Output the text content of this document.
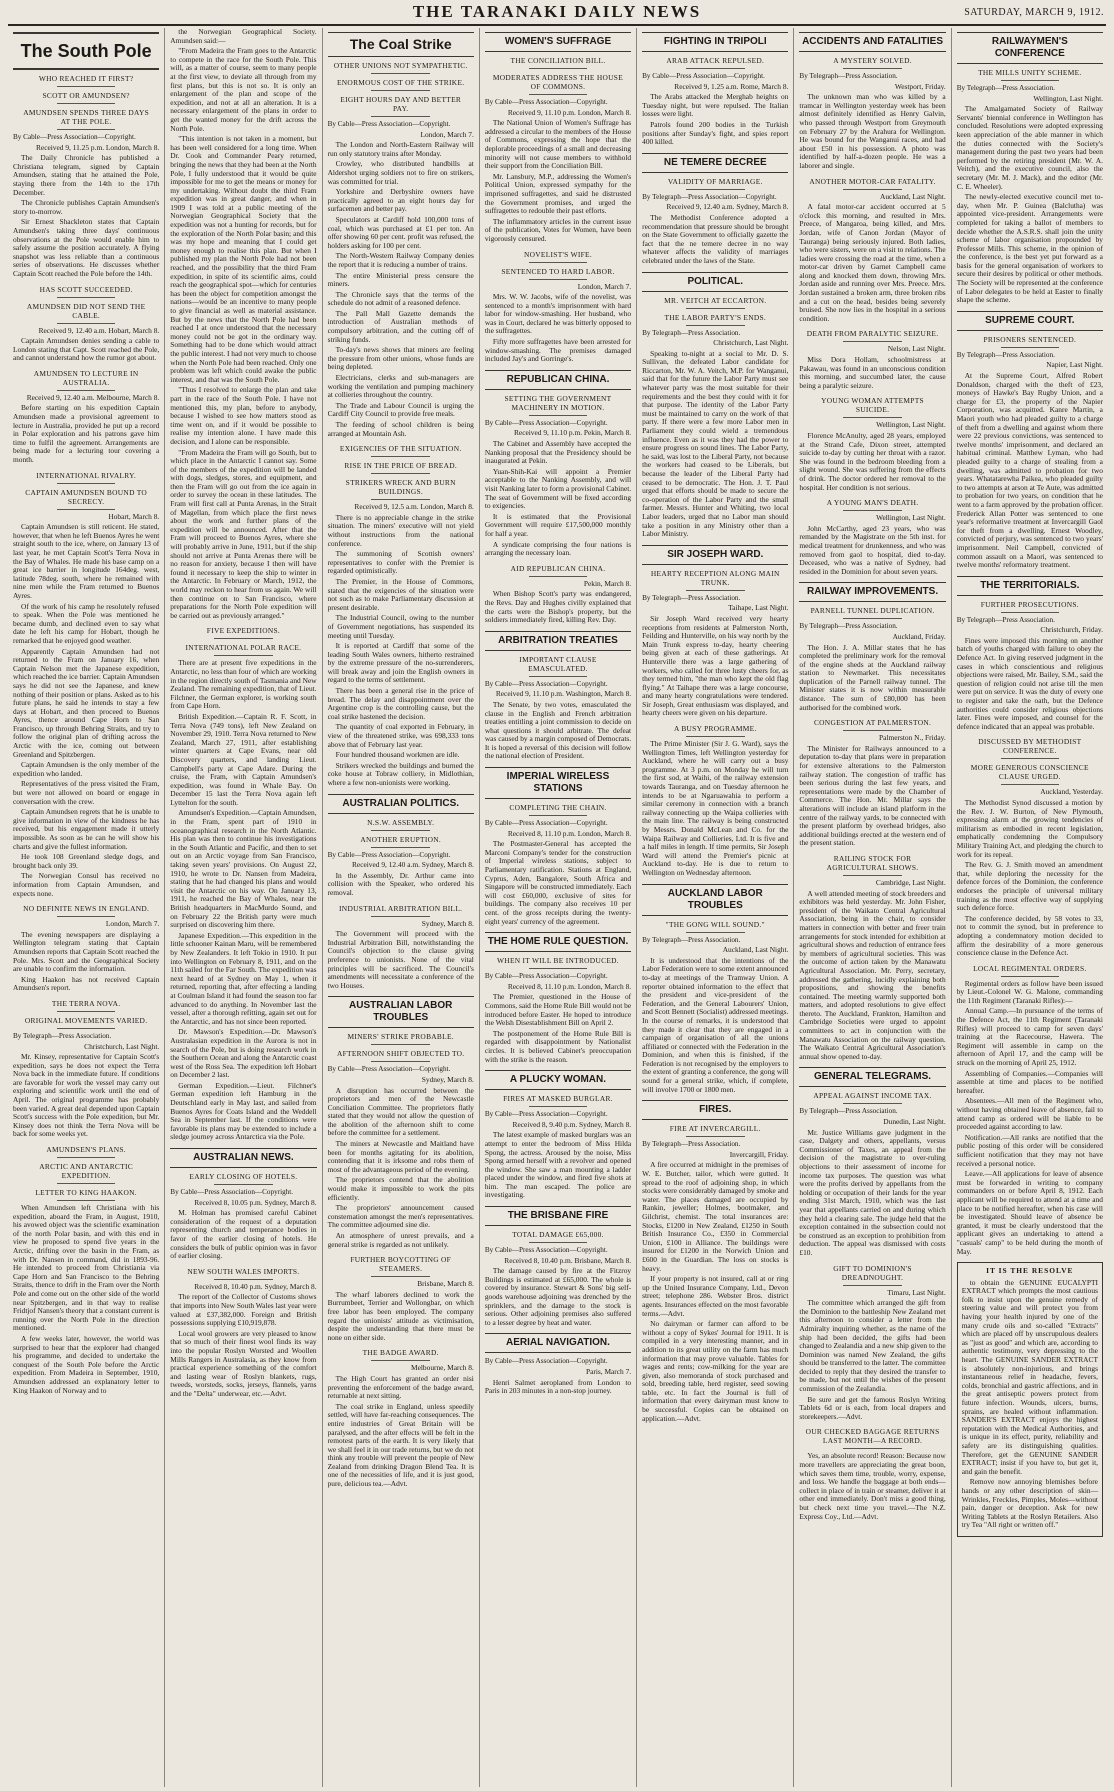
THE TARANAKI DAILY NEWS	SATURDAY, MARCH 9, 1912.
The South Pole
WHO REACHED IT FIRST?
SCOTT OR AMUNDSEN?
AMUNDSEN SPENDS THREE DAYS AT THE POLE.
By Cable—Press Association—Copyright.
Received 9, 11.25 p.m. London, March 8.

The Daily Chronicle has published a Christiana telegram, signed by Captain Amundsen, stating that he attained the Pole, staying there from the 14th to the 17th December.

The Chronicle publishes Captain Amundsen's story to-morrow.

Sir Ernest Shackleton states that Captain Amundsen's taking three days' continuous observations at the Pole would enable him to safely assume the position accurately. A flying snapshot was less reliable than a continuous series of observations. He discusses whether Captain Scott reached the Pole before the 14th.

HAS SCOTT SUCCEEDED.
AMUNDSEN DID NOT SEND THE CABLE.
Received 9, 12.40 a.m. Hobart, March 8.

Captain Amundsen denies sending a cable to London stating that Capt. Scott reached the Pole, and cannot understand how the rumor got about.

AMUNDSEN TO LECTURE IN AUSTRALIA.
Received 9, 12.40 a.m. Melbourne, March 8.

Before starting on his expedition Captain Amundsen made a provisional agreement to lecture in Australia, provided he put up a record in Polar exploration and his patrons gave him time to fulfil the agreement. Arrangements are being made for a lecturing tour covering a month.

INTERNATIONAL RIVALRY.
CAPTAIN AMUNDSEN BOUND TO SECRECY.
Hobart, March 8.

Captain Amundsen is still reticent. He stated, however, that when he left Buenos Ayres he went straight south to the ice, where, on January 13 of last year, he met Captain Scott's Terra Nova in the Bay of Whales. He made his base camp on a great ice barrier in longitude 164deg. west, latitude 78deg. south, where he remained with nine men while the Fram returned to Buenos Ayres.

Of the work of his camp he resolutely refused to speak. When the Pole was mentioned he became dumb, and declined even to say what date he left his camp for Hobart, though he remarked that he enjoyed good weather.

Apparently Captain Amundsen had not returned to the Fram on January 16, when Captain Nelson met the Japanese expedition, which reached the ice barrier. Captain Amundsen says he did not see the Japanese, and knew nothing of their position or plans. Asked as to his future plans, he said he intends to stay a few days at Hobart, and then proceed to Buenos Ayres, thence around Cape Horn to San Francisco, up through Behring Straits, and try to follow the original plan of drifting across the Arctic with the ice, coming out between Greenland and Spitzbergen.

Captain Amundsen is the only member of the expedition who landed.

Representatives of the press visited the Fram, but were not allowed on board or engage in conversation with the crew.

Captain Amundsen regrets that he is unable to give information in view of the kindness he has received, but his engagement made it utterly impossible. As soon as he can he will show his charts and give the fullest information.

He took 108 Greenland sledge dogs, and brought back only 39.

The Norwegian Consul has received no information from Captain Amundsen, and expects none.

NO DEFINITE NEWS IN ENGLAND.
London, March 7.

The evening newspapers are displaying a Wellington telegram stating that Captain Amundsen reports that Captain Scott reached the Pole. Mrs. Scott and the Geographical Society are unable to confirm the information.

King Haakon has not received Captain Amundsen's report.

THE TERRA NOVA.
ORIGINAL MOVEMENTS VARIED.
By Telegraph—Press Association.
Christchurch, Last Night.

Mr. Kinsey, representative for Captain Scott's expedition, says he does not expect the Terra Nova back in the immediate future. If conditions are favorable for work the vessel may carry out exploring and scientific work until the end of April. The original programme has probably been varied. A great deal depended upon Captain Scott's success with the Pole expedition, but Mr. Kinsey does not think the Terra Nova will be back for some weeks yet.

AMUNDSEN'S PLANS.
ARCTIC AND ANTARCTIC EXPEDITION.
LETTER TO KING HAAKON.

When Amundsen left Christiana with his expedition, aboard the Fram, in August, 1910, his avowed object was the scientific examination of the north Polar basin, and with this end in view he proposed to spend five years in the Arctic, drifting over the basin in the Fram, as with Dr. Nansen in command, did in 1893-96. He intended to proceed from Christiania via Cape Horn and San Francisco to the Behring Straits, thence to drift in the Fram over the North Pole and come out on the other side of the world near Spitzbergen, and in that way to realise Fridtjof Nansen's theory that a constant current is running over the North Pole in the direction mentioned.

A few weeks later, however, the world was surprised to hear that the explorer had changed his programme, and decided to undertake the conquest of the South Pole before the Arctic expedition. From Madeira in September, 1910, Amundsen addressed an explanatory letter to King Haakon of Norway and to

the Norwegian Geographical Society. Amundsen said:—

"From Madeira the Fram goes to the Antarctic to compete in the race for the South Pole. This will, as a matter of course, seem to many people at the first view, to deviate all through from my first plans, but this is not so. It is only an enlargement of the plan and scope of the expedition, and not at all an alteration. It is a necessary enlargement of the plans in order to get the wanted money for the drift across the North Pole.

"This intention is not taken in a moment, but has been well considered for a long time. When Dr. Cook and Commander Peary returned, bringing the news that they had been at the North Pole, I fully understood that it would be quite impossible for me to get the means or money for my undertaking. Without doubt the third Fram expedition was in great danger, and when in 1909 I was told at a public meeting of the Norwegian Geographical Society that the expedition was not a hunting for records, but for the exploration of the North Polar basin; and this was my hope and meaning that I could get money enough to realise this plan. But when I published my plan the North Pole had not been reached, and the possibility that the third Fram expedition, in spite of its scientific aims, could reach the geographical spot—which for centuries has been the object for competition amongst the nations—would be an incentive to many people to give financial as well as material assistance. But by the news that the North Pole had been reached I at once understood that the necessary money could not be got in the ordinary way. Something had to be done which would attract the public interest. I had not very much to choose when the North Pole had been reached. Only one problem was left which could awake the public interest, and that was the South Pole.

"Thus I resolved to enlarge the plan and take part in the race of the South Pole. I have not mentioned this, my plan, before to anybody, because I wished to see how matters stood as time went on, and if it would be possible to realise my intention alone. I have made this decision, and I alone can be responsible.

"From Madeira the Fram will go South, but to which place in the Antarctic I cannot say. Some of the members of the expedition will be landed with dogs, sledges, stores, and equipment, and then the Fram will go out from the ice again in order to survey the ocean in these latitudes. The Fram will first call at Punta Arenas, in the Strait of Magellan, from which place the first news about the work and further plans of the expedition will be announced. After that the Fram will proceed to Buenos Ayres, where she will probably arrive in June, 1911, but if the ship should not arrive at Punta Arenas there will be no reason for anxiety, because I then will have found it necessary to keep the ship to winter in the Antarctic. In February or March, 1912, the world may reckon to hear from us again. We will then continue on to San Francisco, where preparations for the North Pole expedition will be carried out as previously arranged."

FIVE EXPEDITIONS.
INTERNATIONAL POLAR RACE.

There are at present five expeditions in the Antarctic, no less than four of which are working in the region directly south of Tasmania and New Zealand. The remaining expedition, that of Lieut. Filchner, the German explorer, is working south from Cape Horn.

British Expedition.—Captain R. F. Scott, in Terra Nova (749 tons), left New Zealand on November 29, 1910. Terra Nova returned to New Zealand, March 27, 1911, after establishing winter quarters at Cape Evans, near old Discovery quarters, and landing Lieut. Campbell's party at Cape Adare. During the cruise, the Fram, with Captain Amundsen's expedition, was found in Whale Bay. On December 15 last the Terra Nova again left Lyttelton for the south.

Amundsen's Expedition.—Captain Amundsen, in the Fram, spent part of 1910 in oceanographical research in the North Atlantic. His plan was then to continue his investigations in the South Atlantic and Pacific, and then to set out on an Arctic voyage from San Francisco, taking seven years' provisions. On August 22, 1910, he wrote to Dr. Nansen from Madeira, stating that he had changed his plans and would visit the Antarctic on his way. On January 13, 1911, he reached the Bay of Whales, near the British headquarters in MacMurdo Sound, and on February 22 the British party were much surprised on discovering him there.

Japanese Expedition.—This expedition in the little schooner Kainan Maru, will be remembered by New Zealanders. It left Tokio in 1910. It put into Wellington on February 8, 1911, and on the 11th sailed for the Far South. The expedition was next heard of at Sydney on May 1, when it returned, reporting that, after effecting a landing at Coulman Island it had found the season too far advanced to do anything. In November last the vessel, after a thorough refitting, again set out for the Antarctic, and has not since been reported.

Dr. Mawson's Expedition.—Dr. Mawson's Australasian expedition in the Aurora is not in search of the Pole, but is doing research work in the Southern Ocean and along the Antarctic coast west of the Ross Sea. The expedition left Hobart on December 2 last.

German Expedition.—Lieut. Filchner's German expedition left Hamburg in the Deutschland early in May last, and sailed from Buenos Ayres for Coats Island and the Weddell Sea in September last. If the conditions were favorable its plans may be extended to include a sledge journey across Antarctica via the Pole.

AUSTRALIAN NEWS.
EARLY CLOSING OF HOTELS.
By Cable—Press Association—Copyright.
Received 8, 10.05 p.m. Sydney, March 8.

M. Holman has promised careful Cabinet consideration of the request of a deputation representing church and temperance bodies in favor of the earlier closing of hotels. He considers the bulk of public opinion was in favor of earlier closing.

NEW SOUTH WALES IMPORTS.
Received 8, 10.40 p.m. Sydney, March 8.

The report of the Collector of Customs shows that imports into New South Wales last year were valued at £37,382,000. Foreign and British possessions supplying £10,919,878.

Local wool growers are very pleased to know that so much of their finest wool finds its way into the popular Roslyn Worsted and Woollen Mills Rangers in Australasia, as they know from practical experience something of the comfort and lasting wear of Roslyn blankets, rugs, tweeds, worsteds, socks, jerseys, flannels, yarns and the "Delta" underwear, etc.—Advt.

The Coal Strike
OTHER UNIONS NOT SYMPATHETIC.
ENORMOUS COST OF THE STRIKE.
EIGHT HOURS DAY AND BETTER PAY.
By Cable—Press Association—Copyright.
London, March 7.

The London and North-Eastern Railway will run only statutory trains after Monday.

Crowley, who distributed handbills at Aldershot urging soldiers not to fire on strikers, was committed for trial.

Yorkshire and Derbyshire owners have practically agreed to an eight hours day for surfacemen and better pay.

Speculators at Cardiff hold 100,000 tons of coal, which was purchased at £1 per ton. An offer showing 60 per cent. profit was refused, the holders asking for 100 per cent.

The North-Western Railway Company denies the report that it is reducing a number of trains.

The entire Ministerial press censure the miners.

The Chronicle says that the terms of the schedule do not admit of a reasoned defence.

The Pall Mall Gazette demands the introduction of Australian methods of compulsory arbitration, and the cutting off of striking funds.

To-day's news shows that miners are feeling the pressure from other unions, whose funds are being depleted.

Electricians, clerks and sub-managers are working the ventilation and pumping machinery at collieries throughout the country.

The Trade and Labour Council is urging the Cardiff City Council to provide free meals.

The feeding of school children is being arranged at Mountain Ash.

EXIGENCIES OF THE SITUATION.
RISE IN THE PRICE OF BREAD.
STRIKERS WRECK AND BURN BUILDINGS.
Received 9, 12.5 a.m. London, March 8.

There is no appreciable change in the strike situation. The miners' executive will not yield without instructions from the national conference.

The summoning of Scottish owners' representatives to confer with the Premier is regarded optimistically.

The Premier, in the House of Commons, stated that the exigencies of the situation were not such as to make Parliamentary discussion at present desirable.

The Industrial Council, owing to the number of Government negotiations, has suspended its meeting until Tuesday.

It is reported at Cardiff that some of the leading South Wales owners, hitherto restrained by the extreme pressure of the no-surrenderers, will break away and join the English owners in regard to the terms of settlement.

There has been a general rise in the price of bread. The delay and disappointment over the Argentine crop is the controlling cause, but the coal strike hastened the decision.

The quantity of coal exported in February, in view of the threatened strike, was 698,333 tons above that of February last year.

Four hundred thousand workmen are idle.

Strikers wrecked the buildings and burned the coke house at Tobraw colliery, in Midlothian, where a few non-unionists were working.

AUSTRALIAN POLITICS.
N.S.W. ASSEMBLY.
ANOTHER ERUPTION.
By Cable—Press Association—Copyright.
Received 9, 12.40 a.m. Sydney, March 8.

In the Assembly, Dr. Arthur came into collision with the Speaker, who ordered his removal.

INDUSTRIAL ARBITRATION BILL.
Sydney, March 8.

The Government will proceed with the Industrial Arbitration Bill, notwithstanding the Council's objection to the clause giving preference to unionists. None of the vital principles will be sacrificed. The Council's amendments will necessitate a conference of the two Houses.

AUSTRALIAN LABOR TROUBLES
MINERS' STRIKE PROBABLE.
AFTERNOON SHIFT OBJECTED TO.
By Cable—Press Association—Copyright.
Sydney, March 8.

A disruption has occurred between the proprietors and men of the Newcastle Conciliation Committee. The proprietors flatly stated that they would not allow the question of the abolition of the afternoon shift to come before the committee for a settlement.

The miners at Newcastle and Maitland have been for months agitating for its abolition, contending that it is irksome and robs them of most of the advantageous period of the evening.

The proprietors contend that the abolition would make it impossible to work the pits efficiently.

The proprietors' announcement caused consternation amongst the men's representatives. The committee adjourned sine die.

An atmosphere of unrest prevails, and a general strike is regarded as not unlikely.

FURTHER BOYCOTTING OF STEAMERS.
Brisbane, March 8.

The wharf laborers declined to work the Burrumbeet, Terrier and Wollongbar, on which free labor has been employed. The company regard the unionists' attitude as victimisation, despite the understanding that there must be none on either side.

THE BADGE AWARD.
Melbourne, March 8.

The High Court has granted an order nisi preventing the enforcement of the badge award, returnable at next sitting.

The coal strike in England, unless speedily settled, will have far-reaching consequences. The entire industries of Great Britain will be paralysed, and the after effects will be felt in the remotest parts of the earth. It is very likely that we shall feel it in our trade returns, but we do not think any trouble will prevent the people of New Zealand from drinking Dragon Blend Tea. It is one of the necessities of life, and it is just good, pure, delicious tea.—Advt.

WOMEN'S SUFFRAGE
THE CONCILIATION BILL.
MODERATES ADDRESS THE HOUSE OF COMMONS.
By Cable—Press Association—Copyright.
Received 9, 11.10 p.m. London, March 8.

The National Union of Women's Suffrage has addressed a circular to the members of the House of Commons, expressing the hope that the deplorable proceedings of a small and decreasing minority will not cause members to withhold their support from the Conciliation Bill.

Mr. Lansbury, M.P., addressing the Women's Political Union, expressed sympathy for the imprisoned suffragettes, and said he distrusted the Government promises, and urged the suffragettes to redouble their past efforts.

The inflammatory articles in the current issue of the publication, Votes for Women, have been vigorously censured.

NOVELIST'S WIFE.
SENTENCED TO HARD LABOR.
London, March 7.

Mrs. W. W. Jacobs, wife of the novelist, was sentenced to a month's imprisonment with hard labor for window-smashing. Her husband, who was in Court, declared he was bitterly opposed to the suffragettes.

Fifty more suffragettes have been arrested for window-smashing. The premises damaged included Jay's and Gorringe's.

REPUBLICAN CHINA.
SETTING THE GOVERNMENT MACHINERY IN MOTION.
By Cable—Press Association—Copyright.
Received 9, 11.10 p.m. Pekin, March 8.

The Cabinet and Assembly have accepted the Nanking proposal that the Presidency should be inaugurated at Pekin.

Yuan-Shih-Kai will appoint a Premier acceptable to the Nanking Assembly, and will visit Nanking later to form a provisional Cabinet. The seat of Government will be fixed according to exigencies.

It is estimated that the Provisional Government will require £17,500,000 monthly for half a year.

A syndicate comprising the four nations is arranging the necessary loan.

AID REPUBLICAN CHINA.
Pekin, March 8.

When Bishop Scott's party was endangered, the Revs. Day and Hughes civilly explained that the carts were the Bishop's property, but the soldiers immediately fired, killing Rev. Day.

ARBITRATION TREATIES
IMPORTANT CLAUSE EMASCULATED.
By Cable—Press Association—Copyright.
Received 9, 11.10 p.m. Washington, March 8.

The Senate, by two votes, emasculated the clause in the English and French arbitration treaties entitling a joint commission to decide on what questions it should arbitrate. The defeat was caused by a margin composed of Democrats. It is hoped a reversal of this decision will follow the national election of President.

IMPERIAL WIRELESS STATIONS
COMPLETING THE CHAIN.
By Cable—Press Association—Copyright.
Received 8, 11.10 p.m. London, March 8.

The Postmaster-General has accepted the Marconi Company's tender for the construction of Imperial wireless stations, subject to Parliamentary ratification. Stations at England, Cyprus, Aden, Bangalore, South Africa and Singapore will be constructed immediately. Each will cost £60,000, exclusive of sites for buildings. The company also receives 10 per cent. of the gross receipts during the twenty-eight years' currency of the agreement.

THE HOME RULE QUESTION.
WHEN IT WILL BE INTRODUCED.
By Cable—Press Association—Copyright.
Received 8, 11.10 p.m. London, March 8.

The Premier, questioned in the House of Commons, said the Home Rule Bill would not be introduced before Easter. He hoped to introduce the Welsh Disestablishment Bill on April 2.

The postponement of the Home Rule Bill is regarded with disappointment by Nationalist circles. It is believed Cabinet's preoccupation with the strike is the reason.

A PLUCKY WOMAN.
FIRES AT MASKED BURGLAR.
By Cable—Press Association—Copyright.
Received 8, 9.40 p.m. Sydney, March 8.

The latest example of masked burglars was an attempt to enter the bedroom of Miss Hilda Spong, the actress. Aroused by the noise, Miss Spong armed herself with a revolver and opened the window. She saw a man mounting a ladder placed under the window, and fired five shots at him. The man escaped. The police are investigating.

THE BRISBANE FIRE
TOTAL DAMAGE £65,000.
By Cable—Press Association—Copyright.
Received 8, 10.40 p.m. Brisbane, March 8.

The damage caused by fire at the Fitzroy Buildings is estimated at £65,000. The whole is covered by insurance. Stewart & Sons' big self-goods warehouse adjoining was drenched by the sprinklers, and the damage to the stock is serious. Other adjoining premises also suffered to a lesser degree by heat and water.

AERIAL NAVIGATION.
By Cable—Press Association—Copyright.
Paris, March 7.

Henri Salmet aeroplaned from London to Paris in 203 minutes in a non-stop journey.

FIGHTING IN TRIPOLI
ARAB ATTACK REPULSED.
By Cable—Press Association—Copyright.
Received 9, 1.25 a.m. Rome, March 8.

The Arabs attacked the Merghab heights on Tuesday night, but were repulsed. The Italian losses were light.

Patrols found 200 bodies in the Turkish positions after Sunday's fight, and spies report 400 killed.

NE TEMERE DECREE
VALIDITY OF MARRIAGE.
By Telegraph—Press Association—Copyright.
Received 9, 12.40 a.m. Sydney, March 8.

The Methodist Conference adopted a recommendation that pressure should be brought on the State Government to officially gazette the fact that the ne temere decree in no way whatever affects the validity of marriages celebrated under the laws of the State.

POLITICAL.
MR. VEITCH AT ECCARTON.
THE LABOR PARTY'S ENDS.
By Telegraph—Press Association.
Christchurch, Last Night.

Speaking to-night at a social to Mr. D. S. Sullivan, the defeated Labor candidate for Riccarton, Mr. W. A. Veitch, M.P. for Wanganui, said that for the future the Labor Party must see whatever party was the most suitable for their requirements and the best they could with it for that purpose. The identity of the Labor Party must be maintained to carry on the work of that party. If there were a few more Labor men in Parliament they could wield a tremendous influence. Even as it was they had the power to ensure progress on sound lines. The Labor Party, he said, was lost to the Liberal Party, not because the workers had ceased to be Liberals, but because the leader of the Liberal Party had ceased to be democratic. The Hon. J. T. Paul urged that efforts should be made to secure the co-operation of the Labor Party and the small farmer. Messrs. Hunter and Whiting, two local Labor leaders, urged that no Labor man should take a position in any Ministry other than a Labor Ministry.

SIR JOSEPH WARD.
HEARTY RECEPTION ALONG MAIN TRUNK.
By Telegraph—Press Association.
Taihape, Last Night.

Sir Joseph Ward received very hearty receptions from residents at Palmerston North, Feilding and Hunterville, on his way north by the Main Trunk express to-day, hearty cheering being given at each of these gatherings. At Hunterville there was a large gathering of workers, who called for three lusty cheers for, as they termed him, "the man who kept the old flag flying." At Taihape there was a large concourse, and many hearty congratulations were tendered. Sir Joseph, Great enthusiasm was displayed, and hearty cheers were given on his departure.

A BUSY PROGRAMME.

The Prime Minister (Sir J. G. Ward), says the Wellington Times, left Wellington yesterday for Auckland, where he will carry out a busy programme. At 3 p.m. on Monday he will turn the first sod, at Waihi, of the railway extension towards Tauranga, and on Tuesday afternoon he intends to be at Ngaruawahia to perform a similar ceremony in connection with a branch railway connecting up the Waipa collieries with the main line. The railway is being constructed by Messrs. Donald McLean and Co. for the Waipa Railway and Collieries, Ltd. It is five and a half miles in length. If time permits, Sir Joseph Ward will attend the Premier's picnic at Auckland to-day. He is due to return to Wellington on Wednesday afternoon.

AUCKLAND LABOR TROUBLES
"THE GONG WILL SOUND."
By Telegraph—Press Association.
Auckland, Last Night.

It is understood that the intentions of the Labor Federation were to some extent announced to-day at meetings of the Tramway Union. A reporter obtained information to the effect that the president and vice-president of the Federation, and the General Labourers' Union, and Scott Bennett (Socialist) addressed meetings. In the course of remarks, it is understood that they made it clear that they are engaged in a campaign of organisation of all the unions affiliated or connected with the Federation in the Dominion, and when this is finished, if the Federation is not recognised by the employers to the extent of granting a conference, the gong will sound for a general strike, which, if complete, will involve 1700 or 1800 men.

FIRES.
FIRE AT INVERCARGILL.
By Telegraph—Press Association.
Invercargill, Friday.

A fire occurred at midnight in the premises of W. E. Butcher, tailor, which were gutted. It spread to the roof of adjoining shop, in which stocks were considerably damaged by smoke and water. The places damaged are occupied by Rankin, jeweller; Holmes, bootmaker, and Gilchrist, chemist. The total insurances are: Stocks, £1200 in New Zealand, £1250 in South British Insurance Co., £350 in Commercial Union, £100 in Alliance. The buildings were insured for £1200 in the Norwich Union and £600 in the Guardian. The loss on stocks is heavy.

If your property is not insured, call at or ring up the United Insurance Company, Ltd., Devon street; telephone 286. Webster Bros. district agents. Insurances effected on the most favorable terms.—Advt.

No dairyman or farmer can afford to be without a copy of Sykes' Journal for 1911. It is compiled in a very interesting manner, and in addition to its great utility on the farm has much information that may prove valuable. Tables for wages and rents; cow-milking for the year are given, also memoranda of stock purchased and sold, breeding table, herd register, seed sowing table, etc. In fact the Journal is full of information that every dairyman must know to be successful. Copies can be obtained on application.—Advt.

ACCIDENTS AND FATALITIES
A MYSTERY SOLVED.
By Telegraph—Press Association.
Westport, Friday.

The unknown man who was killed by a tramcar in Wellington yesterday week has been almost definitely identified as Henry Galvin, who passed through Westport from Greymouth on February 27 by the Arahura for Wellington. He was bound for the Wanganui races, and had about £50 in his possession. A photo was identified by half-a-dozen people. He was a laborer and single.

ANOTHER MOTOR-CAR FATALITY.
Auckland, Last Night.

A fatal motor-car accident occurred at 5 o'clock this morning, and resulted in Mrs. Preece, of Mangaroa, being killed, and Mrs. Jordan, wife of Canon Jordan (Mayor of Tauranga) being seriously injured. Both ladies, who were sisters, were on a visit to relations. The ladies were crossing the road at the time, when a motor-car driven by Garnet Campbell came along and knocked them down, throwing Mrs. Jordan aside and running over Mrs. Preece. Mrs. Jordan sustained a broken arm, three broken ribs and a cut on the head, besides being severely bruised. She now lies in the hospital in a serious condition.

DEATH FROM PARALYTIC SEIZURE.
Nelson, Last Night.

Miss Dora Hollam, schoolmistress at Pakawau, was found in an unconscious condition this morning, and succumbed later, the cause being a paralytic seizure.

YOUNG WOMAN ATTEMPTS SUICIDE.
Wellington, Last Night.

Florence McAnulty, aged 28 years, employed at the Strand Cafe, Dixon street, attempted suicide to-day by cutting her throat with a razor. She was found in the bedroom bleeding from a slight wound. She was suffering from the effects of drink. The doctor ordered her removal to the hospital. Her condition is not serious.

A YOUNG MAN'S DEATH.
Wellington, Last Night.

John McCarthy, aged 23 years, who was remanded by the Magistrate on the 5th inst. for medical treatment for drunkenness, and who was removed from gaol to hospital, died to-day. Deceased, who was a native of Sydney, had resided in the Dominion for about seven years.

RAILWAY IMPROVEMENTS.
PARNELL TUNNEL DUPLICATION.
By Telegraph—Press Association.
Auckland, Friday.

The Hon. J. A. Millar states that he has completed the preliminary work for the removal of the engine sheds at the Auckland railway station to Newmarket. This necessitates duplication of the Parnell railway tunnel. The Minister states it is now within measurable distance. The sum of £80,000 has been authorised for the combined work.

CONGESTION AT PALMERSTON.
Palmerston N., Friday.

The Minister for Railways announced to a deputation to-day that plans were in preparation for extensive alterations to the Palmerston railway station. The congestion of traffic has been serious during the last few years, and representations were made by the Chamber of Commerce. The Hon. Mr. Millar says the alterations will include an island platform in the centre of the railway yards, to be connected with the present platform by overhead bridges, also additional buildings erected at the western end of the present station.

RAILING STOCK FOR AGRICULTURAL SHOWS.
Cambridge, Last Night.

A well attended meeting of stock breeders and exhibitors was held yesterday. Mr. John Fisher, president of the Waikato Central Agricultural Association, being in the chair, to consider matters in connection with better and freer train arrangements for stock intended for exhibition at agricultural shows and reduction of entrance fees by members of agricultural societies. This was the outcome of action taken by the Manawatu Agricultural Association. Mr. Perry, secretary, addressed the gathering, lucidly explaining both propositions, and showing the benefits contained. The meeting warmly supported both matters, and adopted resolutions to give effect thereto. The Auckland, Frankton, Hamilton and Cambridge Societies were urged to appoint committees to act in conjunction with the Manawatu Association on the railway question. The Waikato Central Agricultural Association's annual show opened to-day.

GENERAL TELEGRAMS.
APPEAL AGAINST INCOME TAX.
By Telegraph—Press Association.
Dunedin, Last Night.

Mr. Justice Williams gave judgment in the case, Dalgety and others, appellants, versus Commissioner of Taxes, an appeal from the decision of the magistrate to over-ruling objections to their assessment of income for income tax purposes. The question was what were the profits derived by appellants from the holding or occupation of their lands for the year ending 31st March, 1910, which was the last year that appellants carried on and during which they held a clearing sale. The judge held that the exception contained in the subsection could not be construed as an exception to prohibition from deduction. The appeal was dismissed with costs £10.

GIFT TO DOMINION'S DREADNOUGHT.
Timaru, Last Night.

The committee which arranged the gift from the Dominion to the battleship New Zealand met this afternoon to consider a letter from the Admiralty inquiring whether, as the name of the ship had been decided, the gifts had been changed to Zealandia and a new ship given to the Dominion was named New Zealand, the gifts should be transferred to the latter. The committee decided to reply that they desired the transfer to be made, but not until the wishes of the present commission of the Zealandia.

Be sure and get the famous Roslyn Writing Tablets 6d or is each, from local drapers and storekeepers.—Advt.

OUR CHECKED BAGGAGE RETURNS LAST MONTH—A RECORD.

Yes, an absolute record! Reason: Because now more travellers are appreciating the great boon, which saves them time, trouble, worry, expense, and loss. We handle the baggage at both ends—collect in place of in train or steamer, deliver it at other end immediately. Don't miss a good thing, but check next time you travel.—The N.Z. Express Coy., Ltd.—Advt.

RAILWAYMEN'S CONFERENCE
THE MILLS UNITY SCHEME.
By Telegraph—Press Association.
Wellington, Last Night.

The Amalgamated Society of Railway Servants' biennial conference in Wellington has concluded. Resolutions were adopted expressing keen appreciation of the able manner in which the duties connected with the Society's management during the past two years had been performed by the retiring president (Mr. W. A. Veitch), and the executive council, also the secretary (Mr. M. J. Mack), and the editor (Mr. C. E. Wheeler).

The newly-elected executive council met to-day, when Mr. P. Guinea (Balclutha) was appointed vice-president. Arrangements were completed for taking a ballot of members to decide whether the A.S.R.S. shall join the unity scheme of labor organisation propounded by Professor Mills. This scheme, in the opinion of the conference, is the best yet put forward as a basis for the general organisation of workers to secure their desires by political or other methods. The Society will be represented at the conference of Labor delegates to be held at Easter to finally shape the scheme.

SUPREME COURT.
PRISONERS SENTENCED.
By Telegraph—Press Association.
Napier, Last Night.

At the Supreme Court, Alfred Robert Donaldson, charged with the theft of £23, moneys of Hawke's Bay Rugby Union, and a charge for £3, the property of the Napier Corporation, was acquitted. Kanre Martin, a Maori youth who had pleaded guilty to a charge of theft from a dwelling and against whom there were 22 previous convictions, was sentenced to twelve months' imprisonment, and declared an habitual criminal. Matthew Lyman, who had pleaded guilty to a charge of stealing from a dwelling, was admitted to probation for two years. Whatatarewha Paikea, who pleaded guilty to two attempts at arson at Te Aute, was admitted to probation for two years, on condition that he went to a farm approved by the probation officer. Frederick Allan Potter was sentenced to one year's reformative treatment at Invercargill Gaol for theft from a dwelling. Ernest Woodley, convicted of perjury, was sentenced to two years' imprisonment. Neil Campbell, convicted of common assault on a Maori, was sentenced to twelve months' reformatory treatment.

THE TERRITORIALS.
FURTHER PROSECUTIONS.
By Telegraph—Press Association.
Christchurch, Friday.

Fines were imposed this morning on another batch of youths charged with failure to obey the Defence Act. In giving reserved judgment in the cases in which conscientious and religious objections were raised, Mr. Bailey, S.M., said the question of religion could not arise till the men were put on service. It was the duty of every one to register and take the oath, but the Defence authorities could consider religious objections later. Fines were imposed, and counsel for the defence indicated that an appeal was probable.

DISCUSSED BY METHODIST CONFERENCE.
MORE GENEROUS CONSCIENCE CLAUSE URGED.
Auckland, Yesterday.

The Methodist Synod discussed a motion by the Rev. J. W. Burton, of New Plymouth, expressing alarm at the growing tendencies of militarism as embodied in recent legislation, emphatically condemning the Compulsory Military Training Act, and pledging the church to work for its repeal.

The Rev. G. J. Smith moved an amendment that, while deploring the necessity for the defence forces of the Dominion, the conference endorses the principle of universal military training as the most effective way of supplying such defence force.

The conference decided, by 58 votes to 33, not to commit the synod, but in preference to adopting a condemnatory motion decided to affirm the desirability of a more generous conscience clause in the Defence Act.

LOCAL REGIMENTAL ORDERS.

Regimental orders as follow have been issued by Lieut.-Colonel W. G. Malone, commanding the 11th Regiment (Taranaki Rifles):—

Annual Camp.—In pursuance of the terms of the Defence Act, the 11th Regiment (Taranaki Rifles) will proceed to camp for seven days' training at the Racecourse, Hawera. The Regiment will assemble in camp on the afternoon of April 17, and the camp will be struck on the morning of April 25, 1912.

Assembling of Companies.—Companies will assemble at time and places to be notified hereafter.

Absentees.—All men of the Regiment who, without having obtained leave of absence, fail to attend camp as ordered will be liable to be proceeded against according to law.

Notification.—All ranks are notified that the public posting of this order will be considered sufficient notification that they may not have received a personal notice.

Leave.—All applications for leave of absence must be forwarded in writing to company commanders on or before April 8, 1912. Each applicant will be required to attend at a time and place to be notified hereafter, when his case will be investigated. Should leave of absence be granted, it must be clearly understood that the applicant gives an undertaking to attend a "casuals' camp" to be held during the month of May.

IT IS THE RESOLVE

to obtain the GENUINE EUCALYPTI EXTRACT which prompts the most cautious folk to insist upon the genuine remedy of steering value and will protect you from having your health injured by one of the many crude oils and so-called "Extracts" which are placed off by unscrupulous dealers as "just as good" and which are, according to authentic testimony, very depressing to the heart. The GENUINE SANDER EXTRACT is absolutely non-injurious, and brings instantaneous relief in headache, fevers, colds, bronchial and gastric affections, and in the great antiseptic powers protect from future infection. Wounds, ulcers, burns, sprains, are healed without inflammation. SANDER'S EXTRACT enjoys the highest reputation with the Medical Authorities, and is unique in its effect, purity, reliability and safety are its distinguishing qualities. Therefore, get the GENUINE SANDER EXTRACT; insist if you have to, but get it, and gain the benefit.

Remove now annoying blemishes before hands or any other description of skin—Wrinkles, Freckles, Pimples, Moles—without pain, danger or deception. Ask for new Writing Tablets at the Roslyn Retailers. Also try Tea "All right or written off."
